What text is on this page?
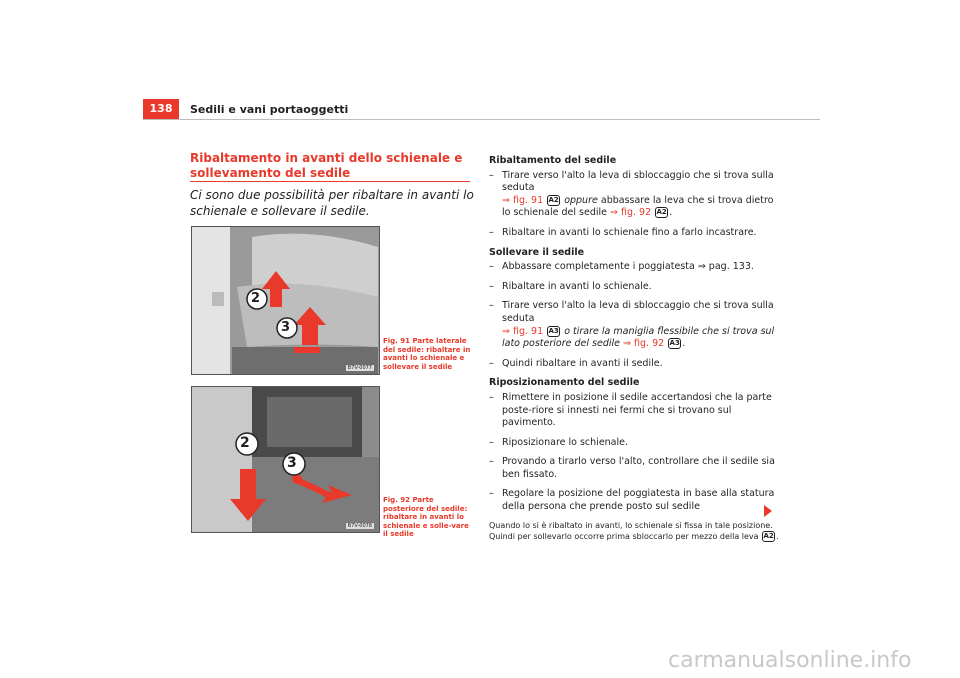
138	Sedili e vani portaoggetti
Ribaltamento in avanti dello schienale e sollevamento del sedile
Ci sono due possibilità per ribaltare in avanti lo schienale e sollevare il sedile.
2
3
B7V-0077
Fig. 91 Parte laterale del sedile: ribaltare in avanti lo schienale e sollevare il sedile
2
3
B7V-0078
Fig. 92 Parte posteriore del sedile: ribaltare in avanti lo schienale e solle-vare il sedile
Ribaltamento del sedile
– Tirare verso l'alto la leva di sbloccaggio che si trova sulla seduta
⇒ fig. 91 A2 oppure abbassare la leva che si trova dietro lo schienale del sedile ⇒ fig. 92 A2 .
– Ribaltare in avanti lo schienale fino a farlo incastrare.
Sollevare il sedile
– Abbassare completamente i poggiatesta ⇒ pag. 133.
– Ribaltare in avanti lo schienale.
– Tirare verso l'alto la leva di sbloccaggio che si trova sulla seduta
⇒ fig. 91 A3 o tirare la maniglia flessibile che si trova sul lato posteriore del sedile ⇒ fig. 92 A3 .
– Quindi ribaltare in avanti il sedile.
Riposizionamento del sedile
– Rimettere in posizione il sedile accertandosi che la parte poste-riore si innesti nei fermi che si trovano sul pavimento.
– Riposizionare lo schienale.
– Provando a tirarlo verso l'alto, controllare che il sedile sia ben fissato.
– Regolare la posizione del poggiatesta in base alla statura della persona che prende posto sul sedile
Quando lo si è ribaltato in avanti, lo schienale si fissa in tale posizione. Quindi per sollevarlo occorre prima sbloccarlo per mezzo della leva A2 .
carmanualsonline.info
